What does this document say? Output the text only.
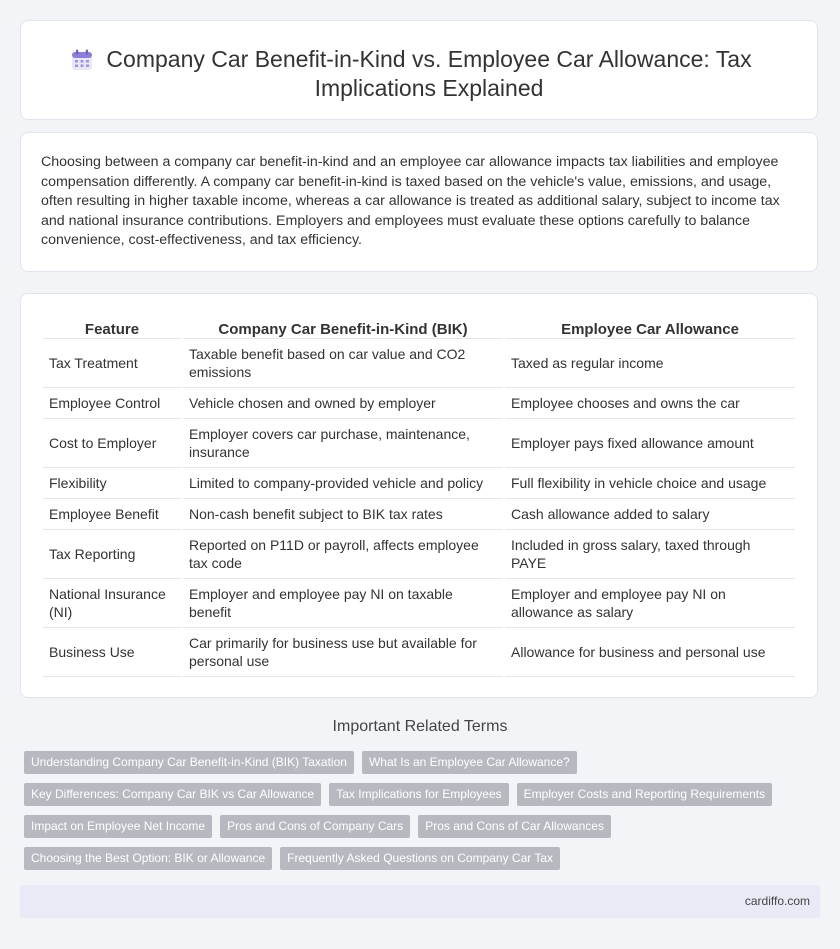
Company Car Benefit-in-Kind vs. Employee Car Allowance: Tax Implications Explained

Choosing between a company car benefit-in-kind and an employee car allowance impacts tax liabilities and employee compensation differently. A company car benefit-in-kind is taxed based on the vehicle's value, emissions, and usage, often resulting in higher taxable income, whereas a car allowance is treated as additional salary, subject to income tax and national insurance contributions. Employers and employees must evaluate these options carefully to balance convenience, cost-effectiveness, and tax efficiency.

Feature	Company Car Benefit-in-Kind (BIK)	Employee Car Allowance
Tax Treatment	Taxable benefit based on car value and CO2 emissions	Taxed as regular income
Employee Control	Vehicle chosen and owned by employer	Employee chooses and owns the car
Cost to Employer	Employer covers car purchase, maintenance, insurance	Employer pays fixed allowance amount
Flexibility	Limited to company-provided vehicle and policy	Full flexibility in vehicle choice and usage
Employee Benefit	Non-cash benefit subject to BIK tax rates	Cash allowance added to salary
Tax Reporting	Reported on P11D or payroll, affects employee tax code	Included in gross salary, taxed through PAYE
National Insurance (NI)	Employer and employee pay NI on taxable benefit	Employer and employee pay NI on allowance as salary
Business Use	Car primarily for business use but available for personal use	Allowance for business and personal use
Important Related Terms
Understanding Company Car Benefit-in-Kind (BIK) Taxation	What Is an Employee Car Allowance?
Key Differences: Company Car BIK vs Car Allowance	Tax Implications for Employees	Employer Costs and Reporting Requirements
Impact on Employee Net Income	Pros and Cons of Company Cars	Pros and Cons of Car Allowances
Choosing the Best Option: BIK or Allowance	Frequently Asked Questions on Company Car Tax
cardiffo.com
